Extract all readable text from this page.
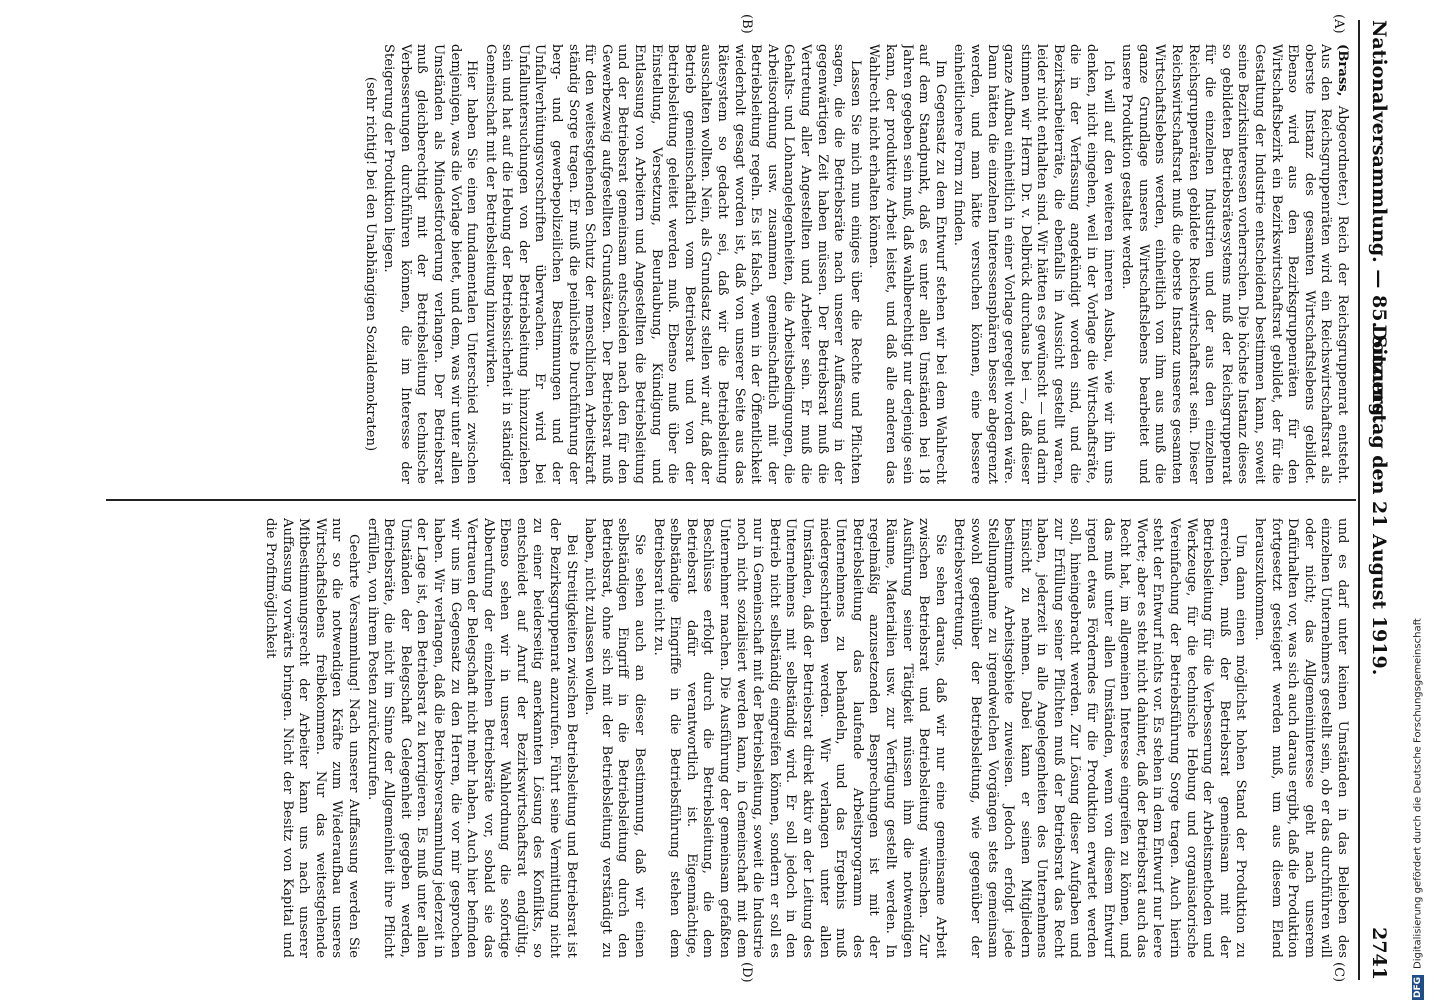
Nationalversammlung. — 85. Sitzung.
Donnerstag den 21 August 1919.
2741
(A)
(B)
(C)
(D)

(Brass, Abgeordneter.) Reich der Reichsgruppenrat entsteht. Aus den Reichsgruppenräten wird ein Reichswirtschaftsrat als oberste Instanz des gesamten Wirtschaftslebens gebildet. Ebenso wird aus den Bezirksgruppenräten für den Wirtschaftsbezirk ein Bezirkswirtschaftsrat gebildet, der für die Gestaltung der Industrie entscheidend bestimmen kann, soweit seine Bezirksinteressen vorherrschen. Die höchste Instanz dieses so gebildeten Betriebsrätesystems muß der Reichsgruppenrat für die einzelnen Industrien und der aus den einzelnen Reichsgruppenräten gebildete Reichswirtschaftsrat sein. Dieser Reichswirtschaftsrat muß die oberste Instanz unseres gesamten Wirtschaftslebens werden, einheitlich von ihm aus muß die ganze Grundlage unseres Wirtschaftslebens bearbeitet und unsere Produktion gestaltet werden.

Ich will auf den weiteren inneren Ausbau, wie wir ihn uns denken, nicht eingehen, weil in der Vorlage die Wirtschaftsräte, die in der Verfassung angekündigt worden sind, und die Bezirksarbeiterräte, die ebenfalls in Aussicht gestellt waren, leider nicht enthalten sind. Wir hätten es gewünscht — und darin stimmen wir Herrn Dr. v. Delbrück durchaus bei —, daß dieser ganze Aufbau einheitlich in einer Vorlage geregelt worden wäre. Dann hätten die einzelnen Interessensphären besser abgegrenzt werden, und man hätte versuchen können, eine bessere einheitlichere Form zu finden.

Im Gegensatz zu dem Entwurf stehen wir bei dem Wahlrecht auf dem Standpunkt, daß es unter allen Umständen bei 18 Jahren gegeben sein muß, daß wahlberechtigt nur derjenige sein kann, der produktive Arbeit leistet, und daß alle anderen das Wahlrecht nicht erhalten können.

Lassen Sie mich nun einiges über die Rechte und Pflichten sagen, die die Betriebsräte nach unserer Auffassung in der gegenwärtigen Zeit haben müssen. Der Betriebsrat muß die Vertretung aller Angestellten und Arbeiter sein. Er muß die Gehalts- und Lohnangelegenheiten, die Arbeitsbedingungen, die Arbeitsordnung usw. zusammen gemeinschaftlich mit der Betriebsleitung regeln. Es ist falsch, wenn in der Öffentlichkeit wiederholt gesagt worden ist, daß von unserer Seite aus das Rätesystem so gedacht sei, daß wir die Betriebsleitung ausschalten wollten. Nein, als Grundsatz stellen wir auf, daß der Betrieb gemeinschaftlich vom Betriebsrat und von der Betriebsleitung geleitet werden muß. Ebenso muß über die Einstellung, Versetzung, Beurlaubung, Kündigung und Entlassung von Arbeitern und Angestellten die Betriebsleitung und der Betriebsrat gemeinsam entscheiden nach den für den Gewerbezweig aufgestellten Grundsätzen. Der Betriebsrat muß für den weitestgehenden Schutz der menschlichen Arbeitskraft ständig Sorge tragen. Er muß die peinlichste Durchführung der berg- und gewerbepolizeilichen Bestimmungen und der Unfallverhütungsvorschriften überwachen. Er wird bei Unfalluntersuchungen von der Betriebsleitung hinzuzuziehen sein und hat auf die Hebung der Betriebssicherheit in ständiger Gemeinschaft mit der Betriebsleitung hinzuwirken.

Hier haben Sie einen fundamentalen Unterschied zwischen demjenigen, was die Vorlage bietet, und dem, was wir unter allen Umständen als Mindestforderung verlangen. Der Betriebsrat muß gleichberechtigt mit der Betriebsleitung technische Verbesserungen durchführen können, die im Interesse der Steigerung der Produktion liegen.

(sehr richtig! bei den Unabhängigen Sozialdemokraten)

und es darf unter keinen Umständen in das Belieben des einzelnen Unternehmers gestellt sein, ob er das durchführen will oder nicht; das Allgemeininteresse geht nach unserem Dafürhalten vor, was sich auch daraus ergibt, daß die Produktion fortgesetzt gesteigert werden muß, um aus diesem Elend herauszukommen.

Um dann einen möglichst hohen Stand der Produktion zu erreichen, muß der Betriebsrat gemeinsam mit der Betriebsleitung für die Verbesserung der Arbeitsmethoden und Werkzeuge, für die technische Hebung und organisatorische Vereinfachung der Betriebsführung Sorge tragen. Auch hierin steht der Entwurf nichts vor. Es stehen in dem Entwurf nur leere Worte; aber es steht nicht dahinter, daß der Betriebsrat auch das Recht hat, im allgemeinen Interesse eingreifen zu können, und das muß unter allen Umständen, wenn von diesem Entwurf irgend etwas Förderndes für die Produktion erwartet werden soll, hineingebracht werden. Zur Lösung dieser Aufgaben und zur Erfüllung seiner Pflichten muß der Betriebsrat das Recht haben, jederzeit in alle Angelegenheiten des Unternehmens Einsicht zu nehmen. Dabei kann er seinen Mitgliedern bestimmte Arbeitsgebiete zuweisen. Jedoch erfolgt jede Stellungnahme zu irgendwelchen Vorgängen stets gemeinsam sowohl gegenüber der Betriebsleitung, wie gegenüber der Betriebsvertretung.

Sie sehen daraus, daß wir nur eine gemeinsame Arbeit zwischen Betriebsrat und Betriebsleitung wünschen. Zur Ausführung seiner Tätigkeit müssen ihm die notwendigen Räume, Materialien usw. zur Verfügung gestellt werden. In regelmäßig anzusetzenden Besprechungen ist mit der Betriebsleitung das laufende Arbeitsprogramm des Unternehmens zu behandeln, und das Ergebnis muß niedergeschrieben werden. Wir verlangen unter allen Umständen, daß der Betriebsrat direkt aktiv an der Leitung des Unternehmens mit selbständig wird. Er soll jedoch in den Betrieb nicht selbständig eingreifen können, sondern er soll es nur in Gemeinschaft mit der Betriebsleitung, soweit die Industrie noch nicht sozialisiert werden kann, in Gemeinschaft mit dem Unternehmer machen. Die Ausführung der gemeinsam gefaßten Beschlüsse erfolgt durch die Betriebsleitung, die dem Betriebsrat dafür verantwortlich ist. Eigenmächtige, selbständige Eingriffe in die Betriebsführung stehen dem Betriebsrat nicht zu.

Sie sehen auch an dieser Bestimmung, daß wir einen selbständigen Eingriff in die Betriebsleitung durch den Betriebsrat, ohne sich mit der Betriebsleitung verständigt zu haben, nicht zulassen wollen.

Bei Streitigkeiten zwischen Betriebsleitung und Betriebsrat ist der Bezirksgruppenrat anzurufen. Führt seine Vermittlung nicht zu einer beiderseitig anerkannten Lösung des Konflikts, so entscheidet auf Anruf der Bezirkswirtschaftsrat endgültig. Ebenso sehen wir in unserer Wahlordnung die sofortige Abberufung der einzelnen Betriebsräte vor, sobald sie das Vertrauen der Belegschaft nicht mehr haben. Auch hier befinden wir uns im Gegensatz zu den Herren, die vor mir gesprochen haben. Wir verlangen, daß die Betriebsversammlung jederzeit in der Lage ist, den Betriebsrat zu korrigieren. Es muß unter allen Umständen der Belegschaft Gelegenheit gegeben werden, Betriebsräte, die nicht im Sinne der Allgemeinheit ihre Pflicht erfüllen, von ihrem Posten zurückzurufen.

Geehrte Versammlung! Nach unserer Auffassung werden Sie nur so die notwendigen Kräfte zum Wiederaufbau unseres Wirtschaftslebens freibekommen. Nur das weitestgehende Mitbestimmungsrecht der Arbeiter kann uns nach unserer Auffassung vorwärts bringen. Nicht der Besitz von Kapital und die Profitmöglichkeit

DFG
Digitalisierung gefördert durch die Deutsche Forschungsgemeinschaft
